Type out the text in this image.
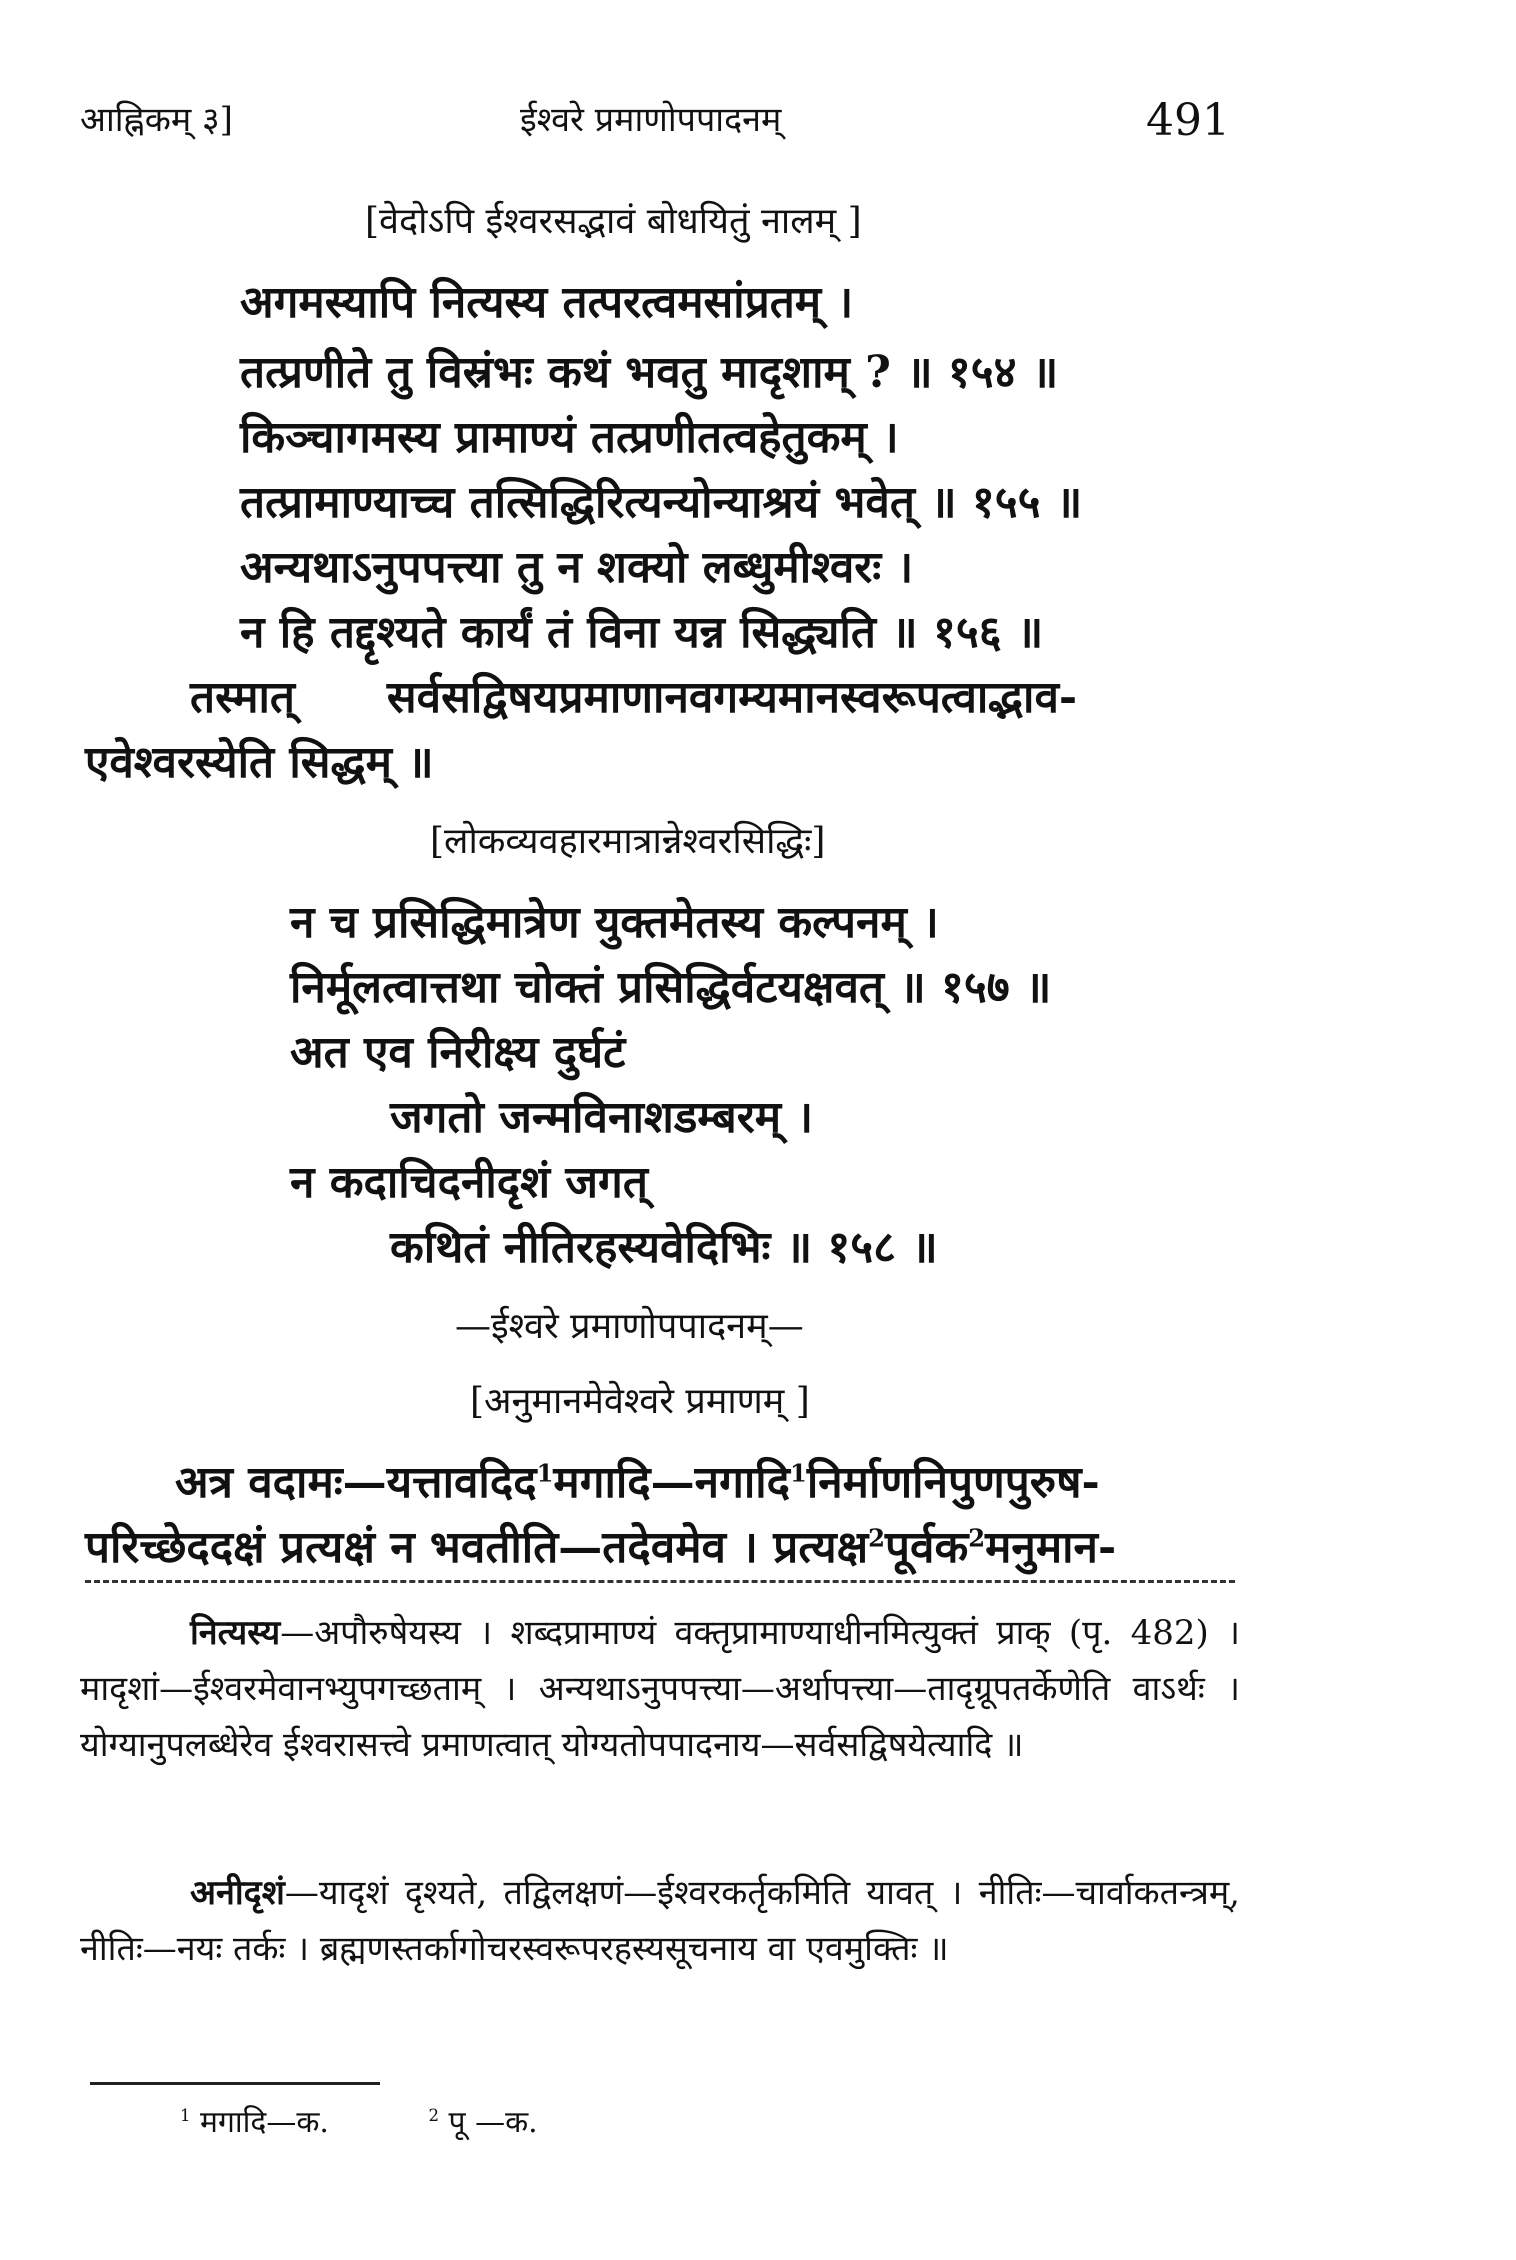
आह्निकम् ३]	ईश्वरे प्रमाणोपपादनम्	491
[वेदोऽपि ईश्वरसद्भावं बोधयितुं नालम् ]
अगमस्यापि नित्यस्य तत्परत्वमसांप्रतम् ।
तत्प्रणीते तु विस्रंभः कथं भवतु मादृशाम् ? ॥ १५४ ॥
किञ्चागमस्य प्रामाण्यं तत्प्रणीतत्वहेतुकम् ।
तत्प्रामाण्याच्च तत्सिद्धिरित्यन्योन्याश्रयं भवेत् ॥ १५५ ॥
अन्यथाऽनुपपत्त्या तु न शक्यो लब्धुमीश्वरः ।
न हि तद्दृश्यते कार्यं तं विना यन्न सिद्ध्यति ॥ १५६ ॥
तस्मात्      सर्वसद्विषयप्रमाणानवगम्यमानस्वरूपत्वाद्भाव-
एवेश्वरस्येति सिद्धम् ॥
[लोकव्यवहारमात्रान्नेश्वरसिद्धिः]
न च प्रसिद्धिमात्रेण युक्तमेतस्य कल्पनम् ।
निर्मूलत्वात्तथा चोक्तं प्रसिद्धिर्वटयक्षवत् ॥ १५७ ॥
अत एव निरीक्ष्य दुर्घटं
जगतो जन्मविनाशडम्बरम् ।
न कदाचिदनीदृशं जगत्
कथितं नीतिरहस्यवेदिभिः ॥ १५८ ॥
—ईश्वरे प्रमाणोपपादनम्—
[अनुमानमेवेश्वरे प्रमाणम् ]
अत्र वदामः—यत्तावदिद$^1$मगादि—नगादि$^1$निर्माणनिपुणपुरुष-
परिच्छेददक्षं प्रत्यक्षं न भवतीति—तदेवमेव । प्रत्यक्ष$^2$पूर्वक$^2$मनुमान-

नित्यस्य—अपौरुषेयस्य । शब्दप्रामाण्यं वक्तृप्रामाण्याधीनमित्युक्तं प्राक् (पृ. 482) । मादृशां—ईश्वरमेवानभ्युपगच्छताम् । अन्यथाऽनुपपत्त्या—अर्थापत्त्या—तादृग्रूपतर्केणेति वाऽर्थः । योग्यानुपलब्धेरेव ईश्वरासत्त्वे प्रमाणत्वात् योग्यतोपपादनाय—सर्वसद्विषयेत्यादि ॥

अनीदृशं—यादृशं दृश्यते, तद्विलक्षणं—ईश्वरकर्तृकमिति यावत् । नीतिः—चार्वाकतन्त्रम्, नीतिः—नयः तर्कः । ब्रह्मणस्तर्कागोचरस्वरूपरहस्यसूचनाय वा एवमुक्तिः ॥

$^1$ मगादि—क.	$^2$ पू —क.
